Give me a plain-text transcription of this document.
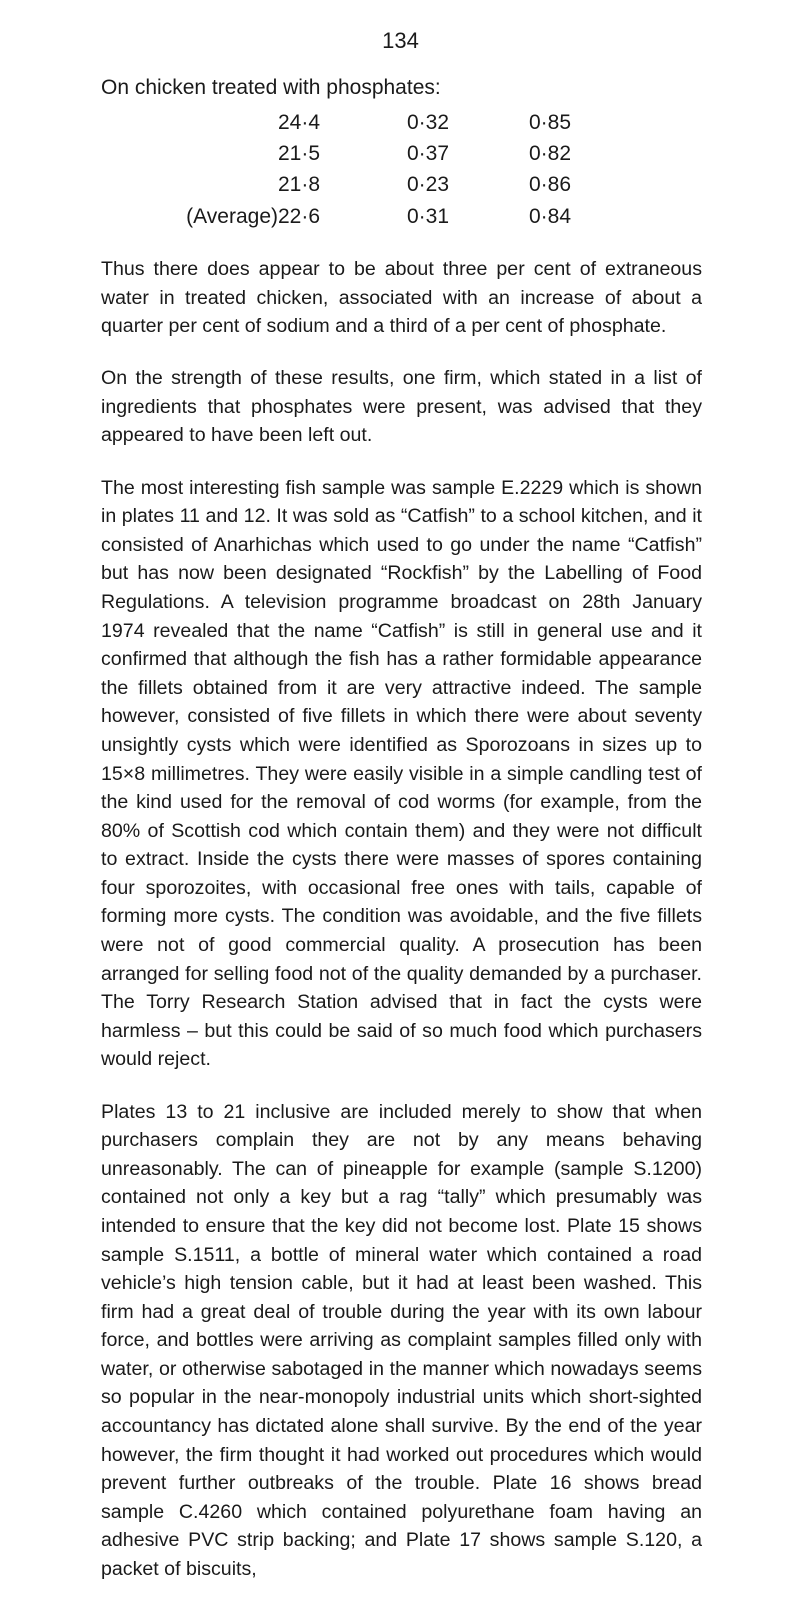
134
On chicken treated with phosphates:
	24·4	0·32	0·85
	21·5	0·37	0·82
	21·8	0·23	0·86
(Average)	22·6	0·31	0·84

Thus there does appear to be about three per cent of extraneous water in treated chicken, associated with an increase of about a quarter per cent of sodium and a third of a per cent of phosphate.

On the strength of these results, one firm, which stated in a list of ingredients that phosphates were present, was advised that they appeared to have been left out.

The most interesting fish sample was sample E.2229 which is shown in plates 11 and 12. It was sold as “Catfish” to a school kitchen, and it consisted of Anarhichas which used to go under the name “Catfish” but has now been designated “Rockfish” by the Labelling of Food Regulations. A television programme broadcast on 28th January 1974 revealed that the name “Catfish” is still in general use and it confirmed that although the fish has a rather formidable appearance the fillets obtained from it are very attractive indeed. The sample however, consisted of five fillets in which there were about seventy unsightly cysts which were identified as Sporozoans in sizes up to 15×8 millimetres. They were easily visible in a simple candling test of the kind used for the removal of cod worms (for example, from the 80% of Scottish cod which contain them) and they were not difficult to extract. Inside the cysts there were masses of spores containing four sporozoites, with occasional free ones with tails, capable of forming more cysts. The condition was avoidable, and the five fillets were not of good commercial quality. A prosecution has been arranged for selling food not of the quality demanded by a purchaser. The Torry Research Station advised that in fact the cysts were harmless – but this could be said of so much food which purchasers would reject.

Plates 13 to 21 inclusive are included merely to show that when purchasers complain they are not by any means behaving unreasonably. The can of pineapple for example (sample S.1200) contained not only a key but a rag “tally” which presumably was intended to ensure that the key did not become lost. Plate 15 shows sample S.1511, a bottle of mineral water which contained a road vehicle’s high tension cable, but it had at least been washed. This firm had a great deal of trouble during the year with its own labour force, and bottles were arriving as complaint samples filled only with water, or otherwise sabotaged in the manner which nowadays seems so popular in the near-monopoly industrial units which short-sighted accountancy has dictated alone shall survive. By the end of the year however, the firm thought it had worked out procedures which would prevent further outbreaks of the trouble. Plate 16 shows bread sample C.4260 which contained polyurethane foam having an adhesive PVC strip backing; and Plate 17 shows sample S.120, a packet of biscuits,
